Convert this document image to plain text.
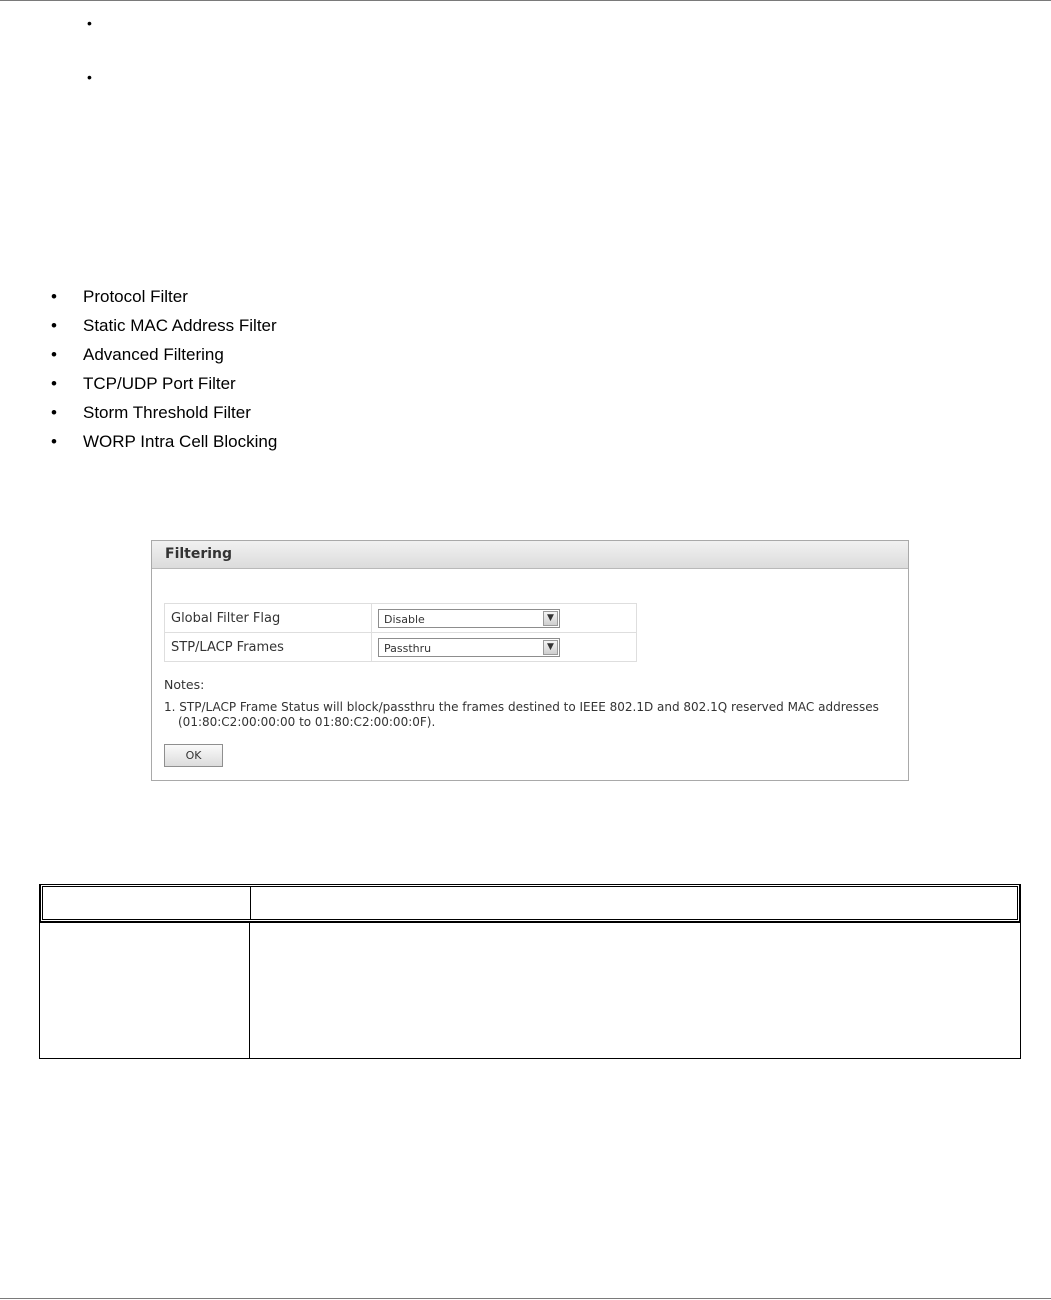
•
•
• Protocol Filter
• Static MAC Address Filter
• Advanced Filtering
• TCP/UDP Port Filter
• Storm Threshold Filter
• WORP Intra Cell Blocking
Filtering
Global Filter Flag	Disable ▼

STP/LACP Frames	Passthru ▼
Notes:
1. STP/LACP Frame Status will block/passthru the frames destined to IEEE 802.1D and 802.1Q reserved MAC addresses
(01:80:C2:00:00:00 to 01:80:C2:00:00:0F).
OK
